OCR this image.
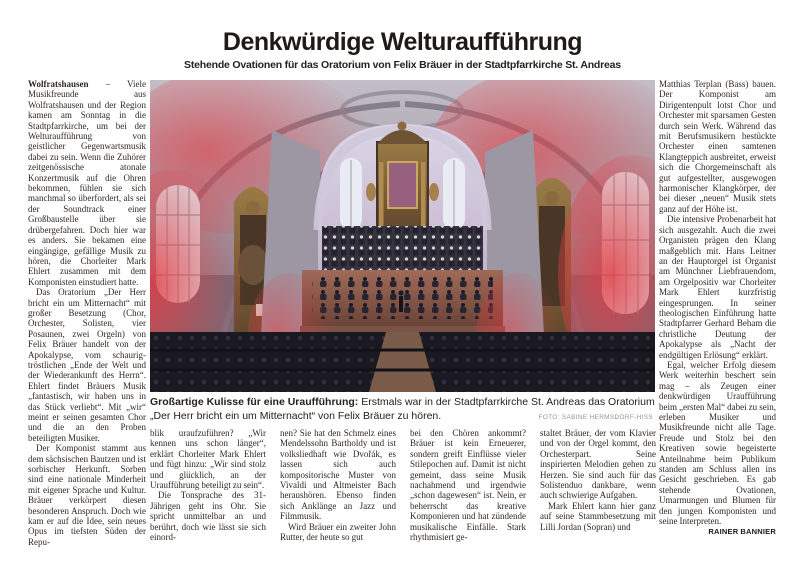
Denkwürdige Welturaufführung
Stehende Ovationen für das Oratorium von Felix Bräuer in der Stadtpfarrkirche St. Andreas

Wolfratshausen – Viele Musikfreunde aus Wolfratshausen und der Region kamen am Sonntag in die Stadtpfarrkirche, um bei der Welturaufführung von geistlicher Gegenwartsmusik dabei zu sein. Wenn die Zuhörer zeitgenössische atonale Konzertmusik auf die Ohren bekommen, fühlen sie sich manchmal so überfordert, als sei der Soundtrack einer Großbaustelle über sie drübergefahren. Doch hier war es anders. Sie bekamen eine eingängige, gefällige Musik zu hören, die Chorleiter Mark Ehlert zusammen mit dem Komponisten einstudiert hatte.

Das Oratorium „Der Herr bricht ein um Mitternacht“ mit großer Besetzung (Chor, Orchester, Solisten, vier Posaunen, zwei Orgeln) von Felix Bräuer handelt von der Apokalypse, vom schaurig-tröstlichen „Ende der Welt und der Wiederankunft des Herrn“. Ehlert findet Bräuers Musik „fantastisch, wir haben uns in das Stück verliebt“. Mit „wir“ meint er seinen gesamten Chor und die an den Proben beteiligten Musiker.

Der Komponist stammt aus dem sächsischen Bautzen und ist sorbischer Herkunft. Sorben sind eine nationale Minderheit mit eigener Sprache und Kultur. Bräuer verkörpert diesen besonderen Anspruch. Doch wie kam er auf die Idee, sein neues Opus im tiefsten Süden der Repu-

Großartige Kulisse für eine Uraufführung: Erstmals war in der Stadtpfarrkirche St. Andreas das Oratorium „Der Herr bricht ein um Mitternacht“ von Felix Bräuer zu hören.	FOTO: SABINE HERMSDORF-HISS

blik uraufzuführen? „Wir kennen uns schon länger“, erklärt Chorleiter Mark Ehlert und fügt hinzu: „Wir sind stolz und glücklich, an der Uraufführung beteiligt zu sein“.

Die Tonsprache des 31-Jährigen geht ins Ohr. Sie spricht unmittelbar an und berührt, doch wie lässt sie sich einord-

nen? Sie hat den Schmelz eines Mendelssohn Bartholdy und ist volksliedhaft wie Dvořák, es lassen sich auch kompositorische Muster von Vivaldi und Altmeister Bach heraushören. Ebenso finden sich Anklänge an Jazz und Filmmusik.

Wird Bräuer ein zweiter John Rutter, der heute so gut

bei den Chören ankommt? Bräuer ist kein Erneuerer, sondern greift Einflüsse vieler Stilepochen auf. Damit ist nicht gemeint, dass seine Musik nachahmend und irgendwie „schon dagewesen“ ist. Nein, er beherrscht das kreative Komponieren und hat zündende musikalische Einfälle. Stark rhythmisiert ge-

staltet Bräuer, der vom Klavier und von der Orgel kommt, den Orchesterpart. Seine inspirierten Melodien gehen zu Herzen. Sie sind auch für das Solistenduo dankbare, wenn auch schwierige Aufgaben.

Mark Ehlert kann hier ganz auf seine Stammbesetzung mit Lilli Jordan (Sopran) und

Matthias Terplan (Bass) bauen. Der Komponist am Dirigentenpult lotst Chor und Orchester mit sparsamen Gesten durch sein Werk. Während das mit Berufsmusikern bestückte Orchester einen samtenen Klangteppich ausbreitet, erweist sich die Chorgemeinschaft als gut aufgestellter, ausgewogen harmonischer Klangkörper, der bei dieser „neuen“ Musik stets ganz auf der Höhe ist.

Die intensive Probenarbeit hat sich ausgezahlt. Auch die zwei Organisten prägen den Klang maßgeblich mit. Hans Leitner an der Hauptorgel ist Organist am Münchner Liebfrauendom, am Orgelpositiv war Chorleiter Mark Ehlert kurzfristig eingesprungen. In seiner theologischen Einführung hatte Stadtpfarrer Gerhard Beham die christliche Deutung der Apokalypse als „Nacht der endgültigen Erlösung“ erklärt.

Egal, welcher Erfolg diesem Werk weiterhin beschert sein mag – als Zeugen einer denkwürdigen Uraufführung beim „ersten Mal“ dabei zu sein, erleben Musiker und Musikfreunde nicht alle Tage. Freude und Stolz bei den Kreativen sowie begeisterte Anteilnahme beim Publikum standen am Schluss allen ins Gesicht geschrieben. Es gab stehende Ovationen, Umarmungen und Blumen für den jungen Komponisten und seine Interpreten.
RAINER BANNIER
